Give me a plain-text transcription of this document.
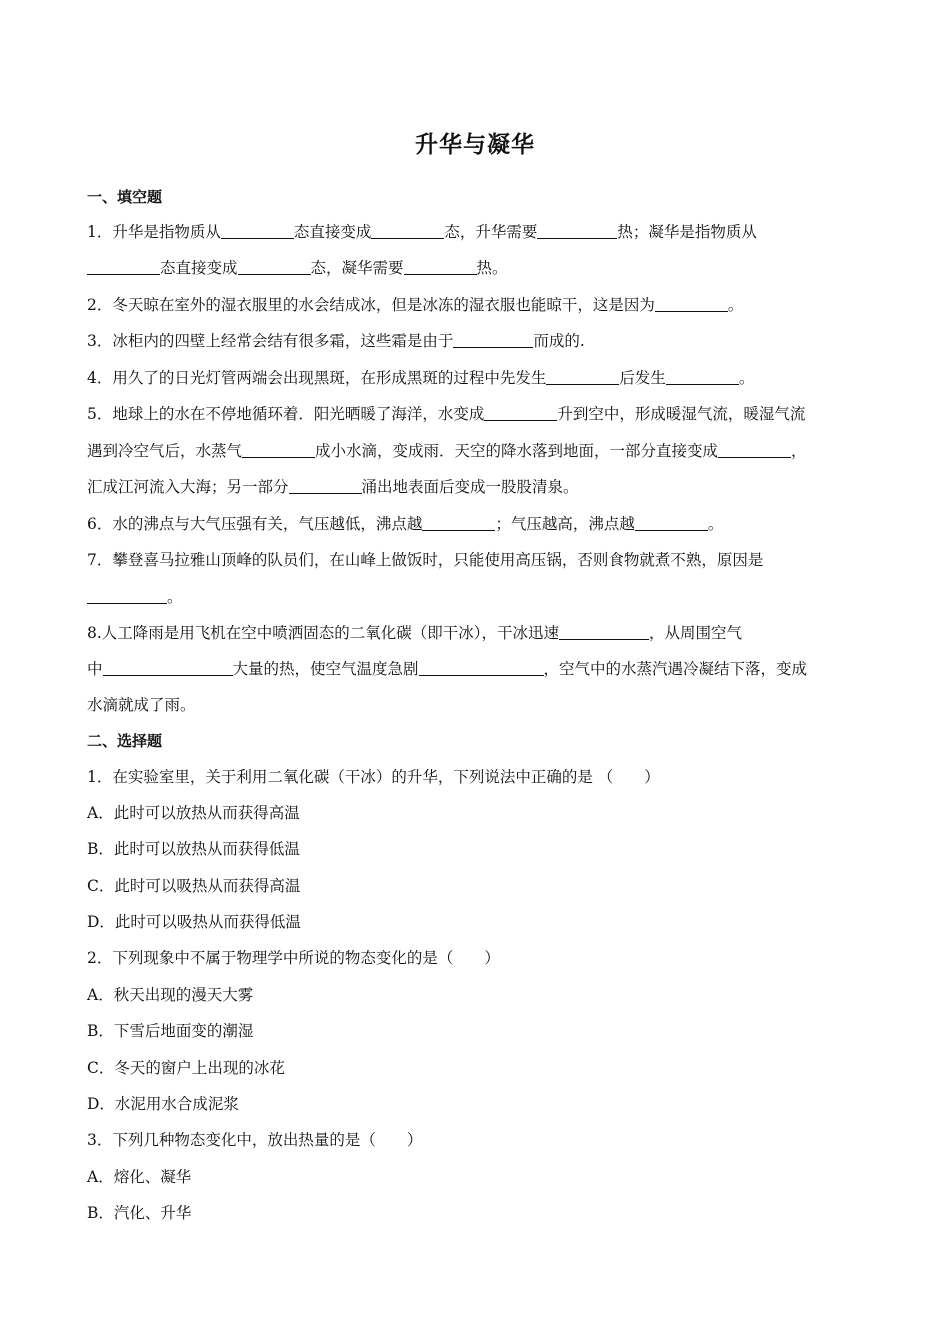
升华与凝华
一、填空题
1．升华是指物质从	态直接变成	态，升华需要	热；凝华是指物质从
态直接变成	态，凝华需要	热。
2．冬天晾在室外的湿衣服里的水会结成冰，但是冰冻的湿衣服也能晾干，这是因为	。
3．冰柜内的四壁上经常会结有很多霜，这些霜是由于	而成的.
4．用久了的日光灯管两端会出现黑斑，在形成黑斑的过程中先发生	后发生	。
5．地球上的水在不停地循环着．阳光晒暖了海洋，水变成	升到空中，形成暖湿气流，暖湿气流
遇到冷空气后，水蒸气	成小水滴，变成雨．天空的降水落到地面，一部分直接变成	，
汇成江河流入大海；另一部分	涌出地表面后变成一股股清泉。
6．水的沸点与大气压强有关，气压越低，沸点越	；气压越高，沸点越	。
7．攀登喜马拉雅山顶峰的队员们，在山峰上做饭时，只能使用高压锅，否则食物就煮不熟，原因是
。
8.人工降雨是用飞机在空中喷洒固态的二氧化碳（即干冰），干冰迅速	，从周围空气
中	大量的热，使空气温度急剧	，空气中的水蒸汽遇冷凝结下落，变成
水滴就成了雨。
二、选择题
1．在实验室里，关于利用二氧化碳（干冰）的升华，下列说法中正确的是 （　　）
A．此时可以放热从而获得高温
B．此时可以放热从而获得低温
C．此时可以吸热从而获得高温
D．此时可以吸热从而获得低温
2．下列现象中不属于物理学中所说的物态变化的是（　　）
A．秋天出现的漫天大雾
B．下雪后地面变的潮湿
C．冬天的窗户上出现的冰花
D．水泥用水合成泥浆
3．下列几种物态变化中，放出热量的是（　　）
A．熔化、凝华
B．汽化、升华
